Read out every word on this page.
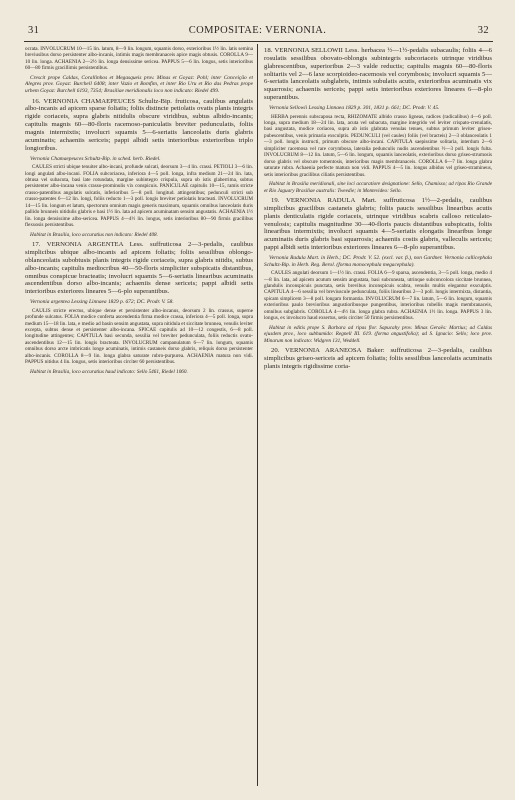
31	COMPOSITAE: VERNONIA.	32

ocrata. INVOLUCRUM 10—15 lin. latum, 8—9 lin. longum, squamis dorso, exterioribus 1½ lin. latis semina breviusibus dorso persistenter albo-incanis, intimis magis membranaceis apice magis obtusis. COROLLA 9—10 lin. longa. ACHAENIA 2—2½ lin. longa densissime sericea. PAPPUS 5—6 lin. longus, setis interioribus 60—80 firmis gracillimis persistentibus.

Crescit prope Caldas, Corallinhos et Megasqueis prov. Minas et Goyaz: Pohl; inter Conceição et Alegres prov. Goyaz: Burchell 6408; inter Vazio et Bomfim, et inter Rio Uru et Rio das Pedras prope urbem Goyaz: Burchell 6193, 7354; Brasiliae meridionalis loco non indicato: Riedel 499.

16. VERNONIA CHAMAEPEUCES Schultz-Bip. fruticosa, caulibus angulatis albo-incanis ad apicem sparse foliatis; foliis distincte petiolatis ovatis planis integris rigide coriaceis, supra glabris nitidulis obscure viridibus, subtus albido-incanis; capitulis magnis 60—80-floris racemoso-paniculatis breviter pedunculatis, foliis magnis intermixtis; involucri squamis 5—6-seriatis lanceolatis duris glabris acuminatis; achaeniis sericeis; pappi albidi setis interioribus exterioribus triplo longioribus.

Vernonia Chamaepeuces Schultz-Bip. in sched. herb. Riedel.

CAULES stricti ubique tenuiter albo-incani, profunde sulcati, deorsum 3—4 lin. crassi. PETIOLI 3—6 lin. longi angulati albo-incani. FOLIA subcoriacea, inferiora 4—5 poll. longa, infra medium 21—24 lin. lata, obtusa vel subacuta, basi late rotundata, margine subintegro crispula, supra ob istis glaberrima, subtus persistenter albo-incana venis crasso-prominulis vix conspicuis. PANICULAE capitulis 10—15, ramis stricte crasso-patentibus angulatis sulcatis, inferioribus 5—8 poll. longitud. attingentibus; pedunculi stricti sub crasso-patentes 6—12 lin. longi, foliis reducto 1—3 poll. longis breviter petiolatis bracteati. INVOLUCRUM 14—15 lin. longum et latum, spectorum omnium magis generis maximum, squamis omnibus lanceolatis duris pallido brunneis nitidulis glabris e basi 1½ lin. lata ad apicem acuminatam sensim angustatis. ACHAENIA 1½ lin. longa densissime albo-sericea. PAPPUS 4—4½ lin. longus, setis interioribus 80—90 firmis gracilibus flexuosis persistentibus.

Habitat in Brasilia, loco accuratius non indicato: Riedel 408.

17. VERNONIA ARGENTEA Less. suffruticosa 2—3-pedalis, caulibus simplicibus ubique albo-incanis ad apicem foliatis; foliis sessilibus oblongo-oblanceolatis subobtusis planis integris rigide coriaceis, supra glabris nitidis, subtus albo-incanis; capitulis mediocribus 40—50-floris simpliciter subspicatis distantibus, omnibus conspicue bracteatis; involucri squamis 5—6-seriatis linearibus acuminatis ascendentibus dorso albo-incanis; achaeniis dense sericeis; pappi albidi setis interioribus exteriores lineares 5—6-plo superantibus.

Vernonia argentea Lessing Linnaea 1829 p. 672; DC. Prodr. V. 58.

CAULIS stricte erectus, ubique dense et persistenter albo-incanus, deorsum 2 lin. crassus, superne profunde sulcatus. FOLIA modice conferta ascendentia firma modice crassa, inferiora 4—5 poll. longa, supra medium 15—18 lin. lata, e medio ad basin sensim angustata, supra nitidula et siccitate brunnea, venulis leviter excepta, subtus dense et persistenter albo-incana. SPICAE capitulis ad 10—12 congestis, 6—8 poll. longitudine attingentes; CAPITULA basi secunda, sessilia vel breviter pedunculata, foliis reductis ovato-ascendentibus 12—15 lin. longis bracteata. INVOLUCRUM campanulatum 6—7 lin. longum, squamis omnibus dorso arcte imbricatis longe acuminatis, intimis castaneis dorso glabris, reliquis dorso persistenter albo-incanis. COROLLA 8—9 lin. longa glabra saturate rubro-purpurea. ACHAENIA matura non vidi. PAPPUS nitidus 4 lin. longus, setis interioribus circiter 60 persistentibus.

Habitat in Brasilia, loco accuratius haud indicato: Sello 5461, Riedel 1060.

18. VERNONIA SELLOWII Less. herbacea ½—1½-pedalis subacaulis; foliis 4—6 rosulatis sessilibus obovato-oblongis subintegris subcoriaceis utrinque viridibus glabrescentibus, superioribus 2—3 valde reductis; capitulis magnis 60—80-floris solitariis vel 2—6 laxe scorpioideo-racemosis vel corymbosis; involucri squamis 5—6-seriatis lanceolatis subglabris, intimis subulatis acutis, exterioribus acuminatis vix squarrosis; achaeniis sericeis; pappi setis interioribus exteriores lineares 6—8-plo superantibus.

Vernonia Sellowii Lessing Linnaea 1829 p. 301, 1831 p. 661; DC. Prodr. V. 45.

HERBA perennis subscaposa recta, RHIZOMATE albido crasso ligneas, radices (radicalibus) 4—6 poll. longa, supra medium 18—24 lin. lata, acuta vel subacuta, margine integrido vel leviter crispato-crenulatis, basi angustata, modice coriacea, supra ab istis glabrata venulas tenues, subtus primum leviter griseo-pubescentibus, venis primaria exsculptis. PEDUNCULI (vel caules) foliis (vel bracteis) 2—3 oblanceolatis 1—3 poll. longis instructi, primum obscure albo-incani. CAPITULA saepissime solitaria, interdum 2—6 simpliciter racemosa vel rare corymbosa, lateralia pedunculis nudis ascendentibus ½—3 poll. longis fulta. INVOLUCRUM 8—12 lin. latum, 5—6 lin. longum, squamis lanceolatis, exterioribus dorso griseo-strumosis dorso glabris vel obscure tomentosis, interioribus magis membranaceis. COROLLA 6—7 lin. longa glabra saturate rubra. Achaenia perfecte matura non vidi. PAPPUS 4—5 lin. longus albidus vel griseo-stramineus, setis interioribus gracilibus ciliatis persistentibus.

Habitat in Brasilia meridionali, sine loci accuratiore designatione: Sello, Chamisso; ad ripas Rio Grande et Rio Jaguary Brasiliae australis: Tweedie; in Montevideo: Sello.

19. VERNONIA RADULA Mart. suffruticosa 1½—2-pedalis, caulibus simplicibus gracilibus castaneis glabris; foliis paucis sessilibus linearibus acutis planis denticulatis rigide coriaceis, utrinque viridibus scabris calloso reticulato-venulosis; capitulis magnitudine 30—40-floris paucis distantibus subspicatis, foliis linearibus intermixtis; involucri squamis 4—5-seriatis elongatis linearibus longe acuminatis duris glabris basi squarrosis; achaeniis costis glabris, valleculis sericeis; pappi albidi setis interioribus exteriores lineares 6—8-plo superantibus.

Vernonia Radula Mart. in Herb.; DC. Prodr. V. 52. (excl. var. β.), non Gardner. Vernonia callicephala Schultz-Bip. in Herb. Reg. Berol. (forma monocephala megacephala).

CAULES angulati deorsum 1—1½ lin. crassi. FOLIA 6—9 sparsa, ascendentia, 3—5 poll. longa, medio 4—8 lin. lata, ad apicem acutum sensim angustata, basi subcuneata, utrinque subconcolora siccitate brunnea, glandulis inconspicuis punctata, setis brevibus inconspicuis scabra, venulis multis elegantur exsculptis. CAPITULA 4—6 sessilia vel breviuscule pedunculata, foliis linearibus 2—3 poll. longis intermixta, distantia, spicam simplicem 3—8 poll. longam formantia. INVOLUCRUM 6—7 lin. latum, 5—6 lin. longum, squamis exterioribus paulo brevioribus angustioribusque pungentibus, interioribus rubellis magis membranaceis, omnibus subglabris. COROLLA 4—4½ lin. longa glabra rubra. ACHAENIA 1½ lin. longa. PAPPUS 3 lin. longus, ex involucro haud exsertus, setis circiter 50 firmis persistentibus.

Habitat in editis prope S. Barbara ad ripas flor. Sapucahy prov. Minas Geraës: Martius; ad Caldas ejusdem prov., loco subhumido: Regnell III. 619. (forma angustifolia); ad S. Ignacio: Sello; loco prov. Minarum non indicato: Widgren 131, Weddell.

20. VERNONIA ARANEOSA Baker: suffruticosa 2—3-pedalis, caulibus simplicibus griseo-sericeis ad apicem foliatis; foliis sessilibus lanceolatis acuminatis planis integris rigidissime coria-
